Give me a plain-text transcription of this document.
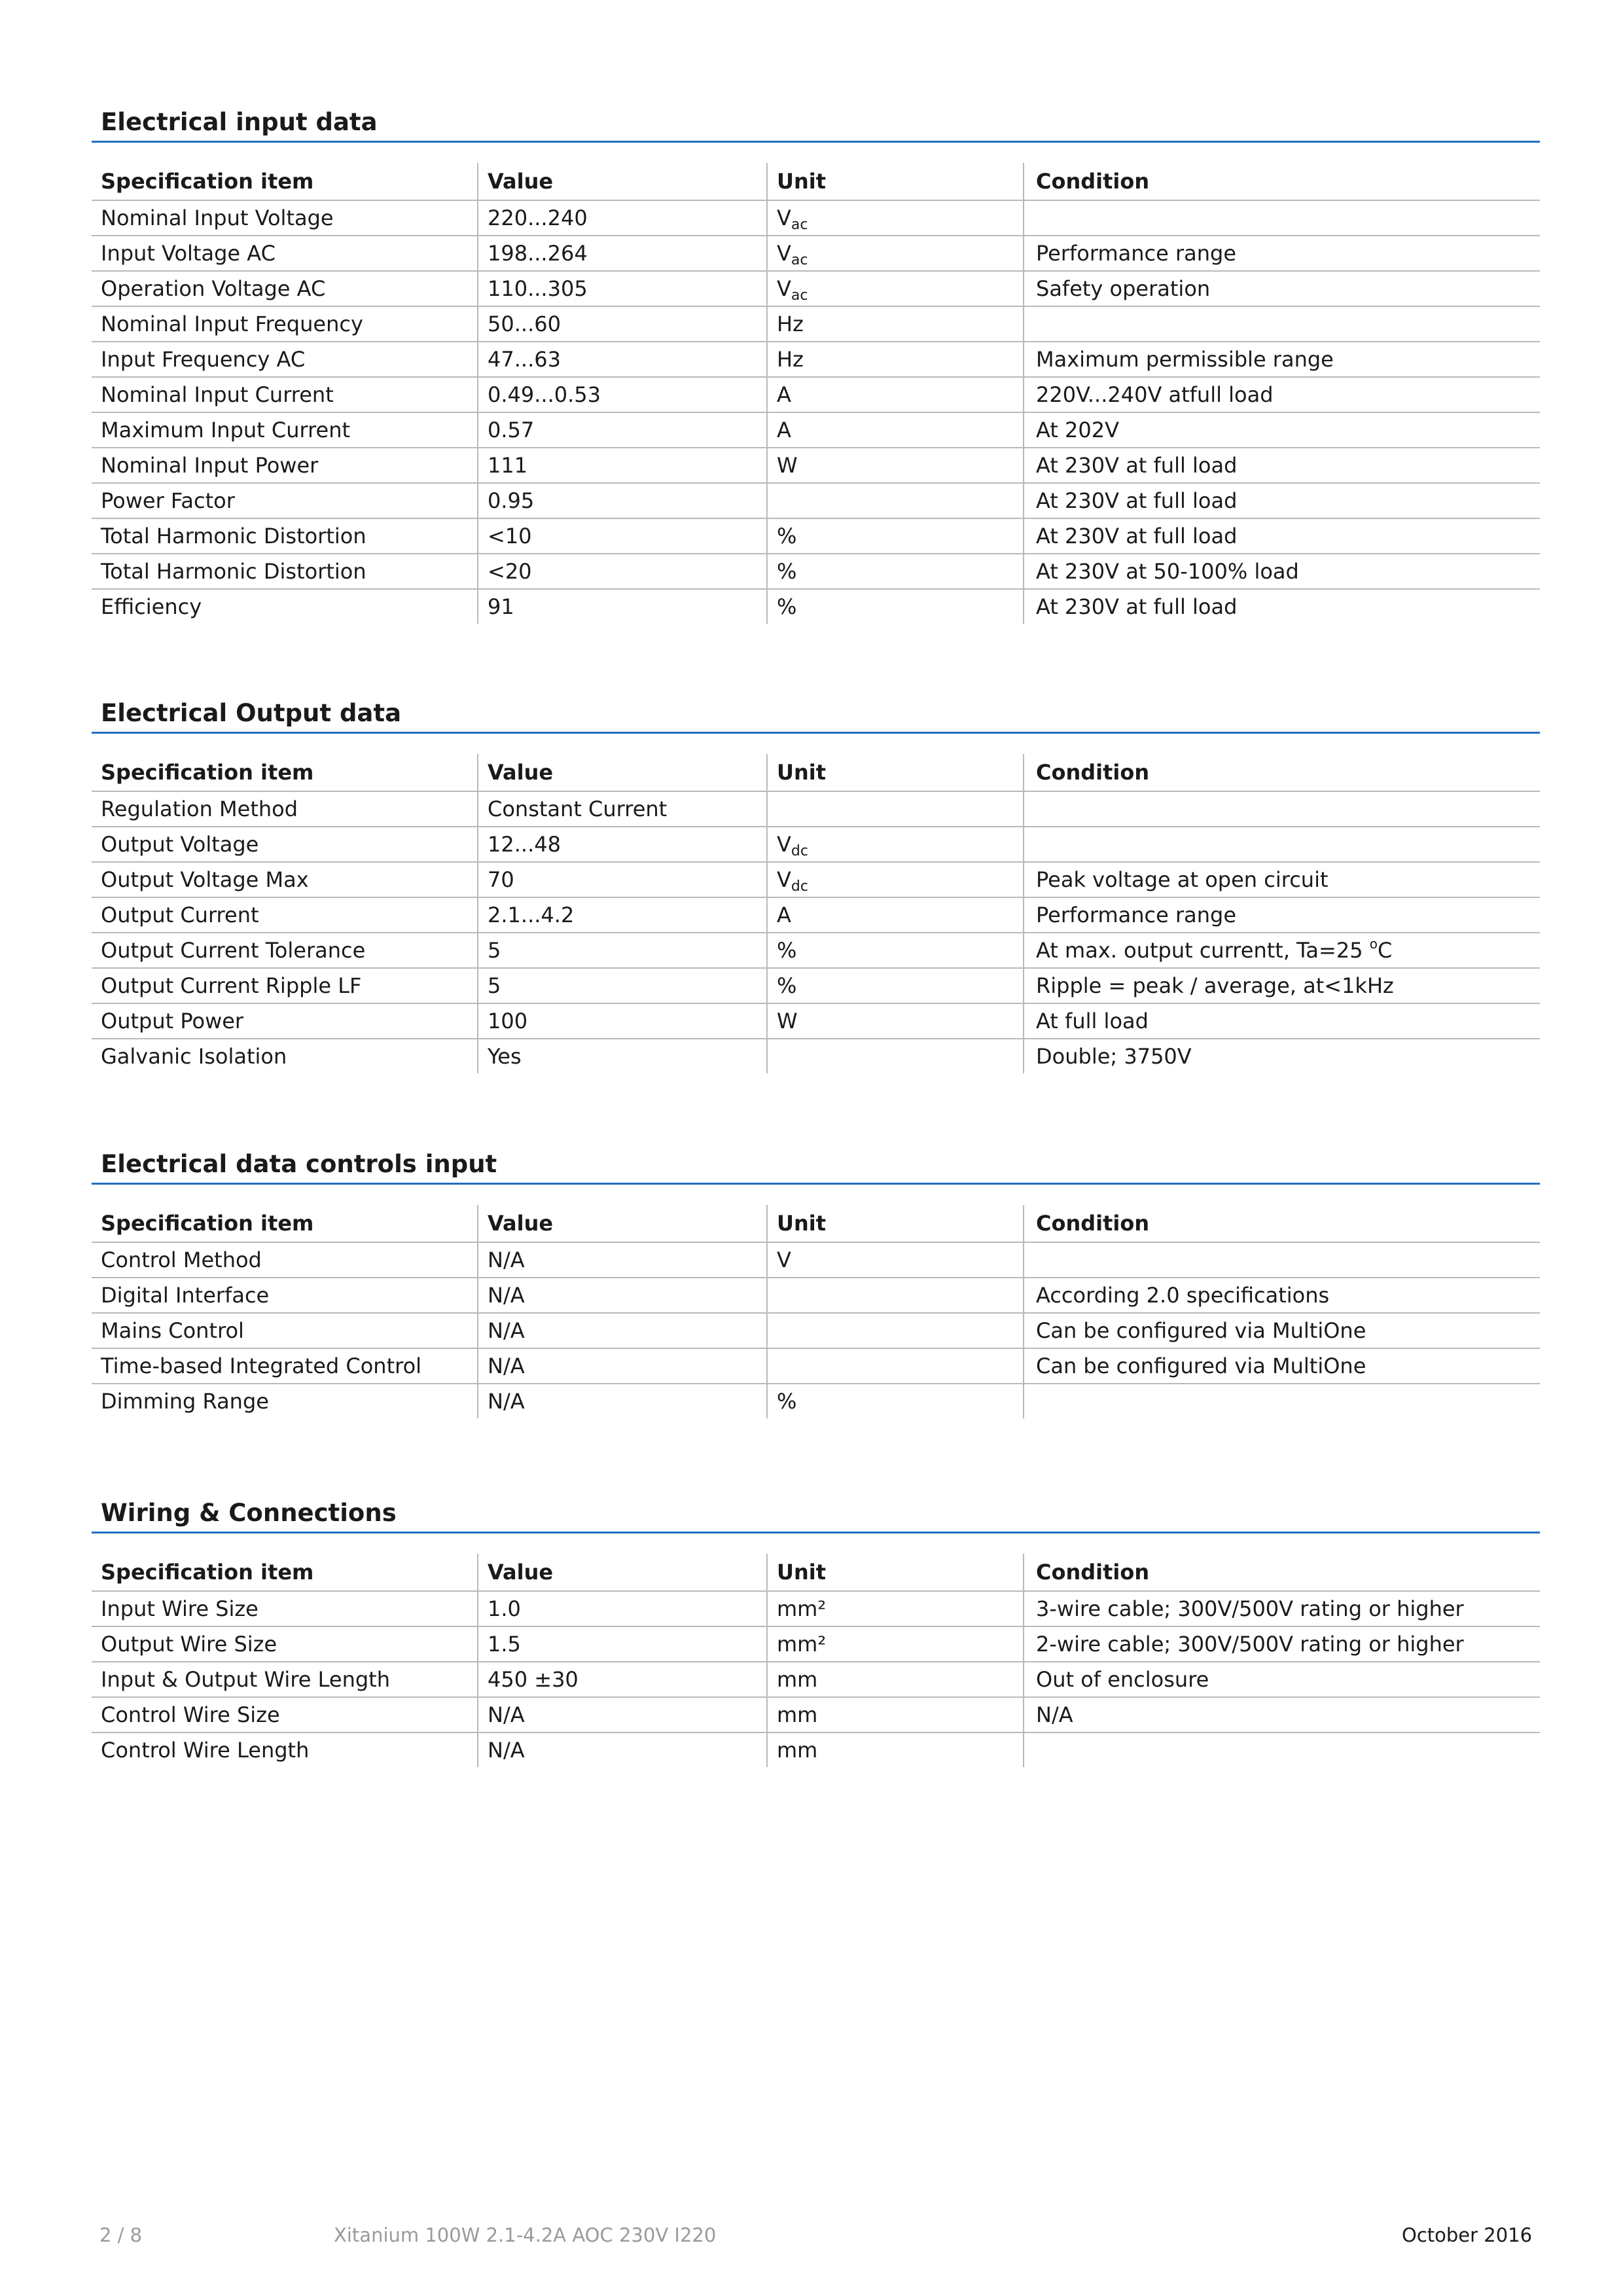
Electrical input data
Specification item	Value	Unit	Condition
Nominal Input Voltage	220...240	$V_{ac}$	
Input Voltage AC	198...264	$V_{ac}$	Performance range
Operation Voltage AC	110...305	$V_{ac}$	Safety operation
Nominal Input Frequency	50...60	Hz	
Input Frequency AC	47...63	Hz	Maximum permissible range
Nominal Input Current	0.49...0.53	A	220V...240V atfull load
Maximum Input Current	0.57	A	At 202V
Nominal Input Power	111	W	At 230V at full load
Power Factor	0.95		At 230V at full load
Total Harmonic Distortion	<10	%	At 230V at full load
Total Harmonic Distortion	<20	%	At 230V at 50-100% load
Efficiency	91	%	At 230V at full load
Electrical Output data
Specification item	Value	Unit	Condition
Regulation Method	Constant Current		
Output Voltage	12...48	$V_{dc}$	
Output Voltage Max	70	$V_{dc}$	Peak voltage at open circuit
Output Current	2.1...4.2	A	Performance range
Output Current Tolerance	5	%	At max. output currentt, Ta=25 $^o$C
Output Current Ripple LF	5	%	Ripple = peak / average, at<1kHz
Output Power	100	W	At full load
Galvanic Isolation	Yes		Double; 3750V
Electrical data controls input
Specification item	Value	Unit	Condition
Control Method	N/A	V	
Digital Interface	N/A		According 2.0 specifications
Mains Control	N/A		Can be configured via MultiOne
Time-based Integrated Control	N/A		Can be configured via MultiOne
Dimming Range	N/A	%	
Wiring & Connections
Specification item	Value	Unit	Condition
Input Wire Size	1.0	mm²	3-wire cable; 300V/500V rating or higher
Output Wire Size	1.5	mm²	2-wire cable; 300V/500V rating or higher
Input & Output Wire Length	450 ±30	mm	Out of enclosure
Control Wire Size	N/A	mm	N/A
Control Wire Length	N/A	mm	
2 / 8	Xitanium 100W 2.1-4.2A AOC 230V I220	October 2016
